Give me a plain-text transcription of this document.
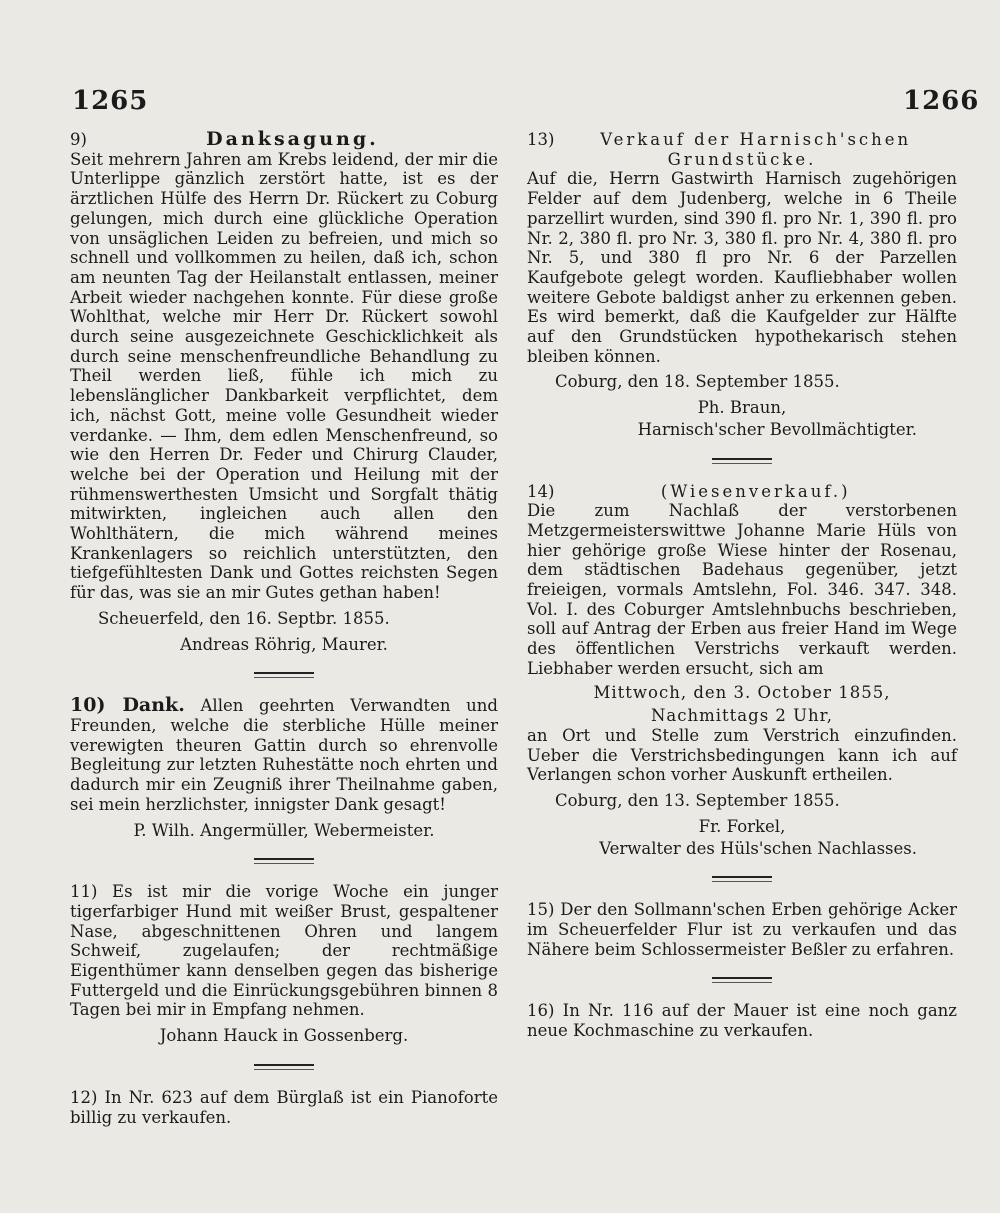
1265	1266
9)	Danksagung.

Seit mehrern Jahren am Krebs leidend, der mir die Unterlippe gänzlich zerstört hatte, ist es der ärztlichen Hülfe des Herrn Dr. Rückert zu Coburg gelungen, mich durch eine glückliche Operation von unsäglichen Leiden zu befreien, und mich so schnell und vollkommen zu heilen, daß ich, schon am neunten Tag der Heilanstalt entlassen, meiner Arbeit wieder nachgehen konnte. Für diese große Wohlthat, welche mir Herr Dr. Rückert sowohl durch seine ausgezeichnete Geschicklichkeit als durch seine menschenfreundliche Behandlung zu Theil werden ließ, fühle ich mich zu lebenslänglicher Dankbarkeit verpflichtet, dem ich, nächst Gott, meine volle Gesundheit wieder verdanke. — Ihm, dem edlen Menschenfreund, so wie den Herren Dr. Feder und Chirurg Clauder, welche bei der Operation und Heilung mit der rühmenswerthesten Umsicht und Sorgfalt thätig mitwirkten, ingleichen auch allen den Wohlthätern, die mich während meines Krankenlagers so reichlich unterstützten, den tiefgefühltesten Dank und Gottes reichsten Segen für das, was sie an mir Gutes gethan haben!

Scheuerfeld, den 16. Septbr. 1855.
Andreas Röhrig, Maurer.

10) Dank. Allen geehrten Verwandten und Freunden, welche die sterbliche Hülle meiner verewigten theuren Gattin durch so ehrenvolle Begleitung zur letzten Ruhestätte noch ehrten und dadurch mir ein Zeugniß ihrer Theilnahme gaben, sei mein herzlichster, innigster Dank gesagt!

P. Wilh. Angermüller, Webermeister.

11) Es ist mir die vorige Woche ein junger tigerfarbiger Hund mit weißer Brust, gespaltener Nase, abgeschnittenen Ohren und langem Schweif, zugelaufen; der rechtmäßige Eigenthümer kann denselben gegen das bisherige Futtergeld und die Einrückungsgebühren binnen 8 Tagen bei mir in Empfang nehmen.

Johann Hauck in Gossenberg.

12) In Nr. 623 auf dem Bürglaß ist ein Pianoforte billig zu verkaufen.

13)	Verkauf der Harnisch'schen Grundstücke.

Auf die, Herrn Gastwirth Harnisch zugehörigen Felder auf dem Judenberg, welche in 6 Theile parzellirt wurden, sind 390 fl. pro Nr. 1, 390 fl. pro Nr. 2, 380 fl. pro Nr. 3, 380 fl. pro Nr. 4, 380 fl. pro Nr. 5, und 380 fl pro Nr. 6 der Parzellen Kaufgebote gelegt worden. Kaufliebhaber wollen weitere Gebote baldigst anher zu erkennen geben. Es wird bemerkt, daß die Kaufgelder zur Hälfte auf den Grundstücken hypothekarisch stehen bleiben können.

Coburg, den 18. September 1855.
Ph. Braun,
Harnisch'scher Bevollmächtigter.
14)	(Wiesenverkauf.)

Die zum Nachlaß der verstorbenen Metzgermeisterswittwe Johanne Marie Hüls von hier gehörige große Wiese hinter der Rosenau, dem städtischen Badehaus gegenüber, jetzt freieigen, vormals Amtslehn, Fol. 346. 347. 348. Vol. I. des Coburger Amtslehnbuchs beschrieben, soll auf Antrag der Erben aus freier Hand im Wege des öffentlichen Verstrichs verkauft werden. Liebhaber werden ersucht, sich am

Mittwoch, den 3. October 1855,
Nachmittags 2 Uhr,

an Ort und Stelle zum Verstrich einzufinden. Ueber die Verstrichsbedingungen kann ich auf Verlangen schon vorher Auskunft ertheilen.

Coburg, den 13. September 1855.
Fr. Forkel,
Verwalter des Hüls'schen Nachlasses.

15) Der den Sollmann'schen Erben gehörige Acker im Scheuerfelder Flur ist zu verkaufen und das Nähere beim Schlossermeister Beßler zu erfahren.

16) In Nr. 116 auf der Mauer ist eine noch ganz neue Kochmaschine zu verkaufen.
